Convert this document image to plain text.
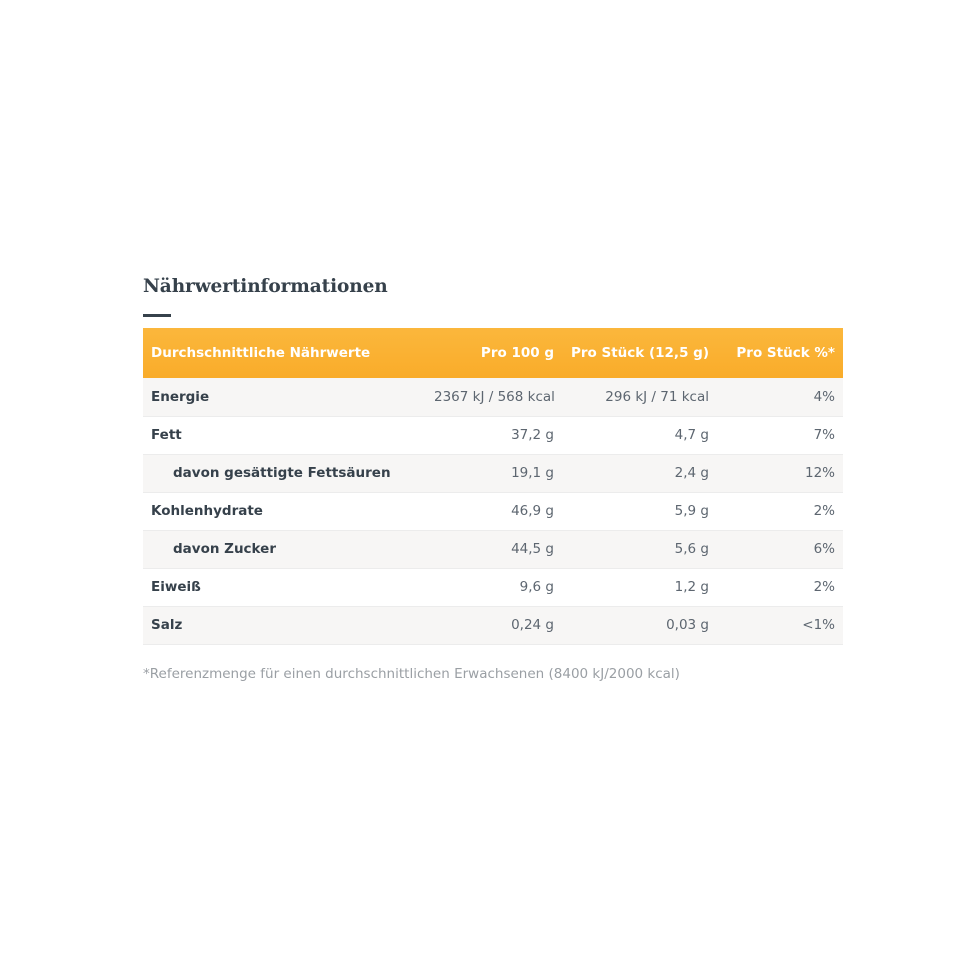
Nährwertinformationen
Durchschnittliche Nährwerte	Pro 100 g	Pro Stück (12,5 g)	Pro Stück %*
Energie	2367 kJ / 568 kcal	296 kJ / 71 kcal	4%
Fett	37,2 g	4,7 g	7%
davon gesättigte Fettsäuren	19,1 g	2,4 g	12%
Kohlenhydrate	46,9 g	5,9 g	2%
davon Zucker	44,5 g	5,6 g	6%
Eiweiß	9,6 g	1,2 g	2%
Salz	0,24 g	0,03 g	<1%
*Referenzmenge für einen durchschnittlichen Erwachsenen (8400 kJ/2000 kcal)
